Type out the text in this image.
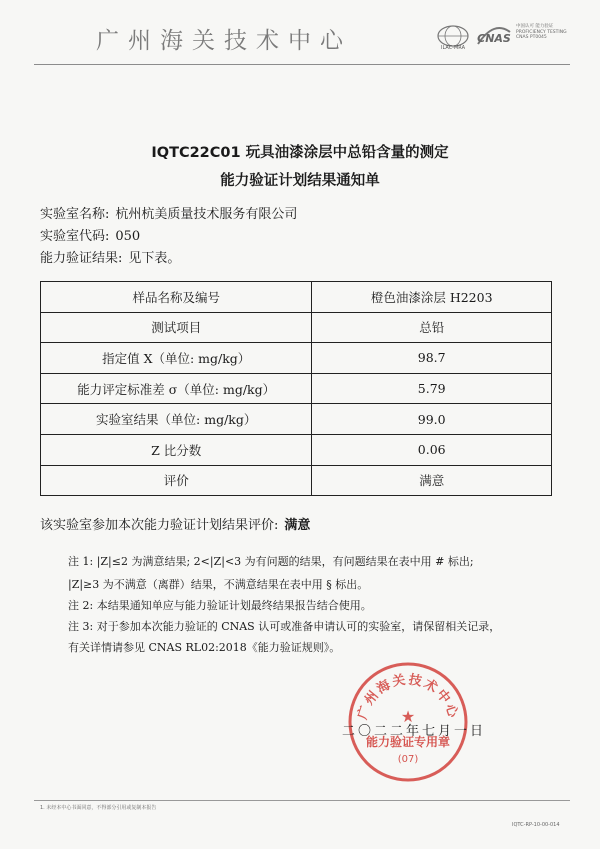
广州海关技术中心	ILAC-MRA
CNAS
中国认可 能力验证 PROFICIENCY TESTING CNAS PT0045
IQTC22C01 玩具油漆涂层中总铅含量的测定
能力验证计划结果通知单
实验室名称: 杭州杭美质量技术服务有限公司
实验室代码: 050
能力验证结果: 见下表。
样品名称及编号	橙色油漆涂层 H2203
测试项目	总铅
指定值 X（单位: mg/kg）	98.7
能力评定标准差 σ（单位: mg/kg）	5.79
实验室结果（单位: mg/kg）	99.0
Z 比分数	0.06
评价	满意
该实验室参加本次能力验证计划结果评价: 满意
注 1: |Z|≤2 为满意结果; 2<|Z|<3 为有问题的结果，有问题结果在表中用 # 标出;
|Z|≥3 为不满意（离群）结果，不满意结果在表中用 § 标出。
注 2: 本结果通知单应与能力验证计划最终结果报告结合使用。
注 3: 对于参加本次能力验证的 CNAS 认可或准备申请认可的实验室，请保留相关记录，
有关详情请参见 CNAS RL02:2018《能力验证规则》。
广州海关技术中心
★
能力验证专用章
(07)
二〇二二年七月一日
1. 未经本中心书面同意，不得部分引用或复制本报告
IQTC-RP-10-00-014
